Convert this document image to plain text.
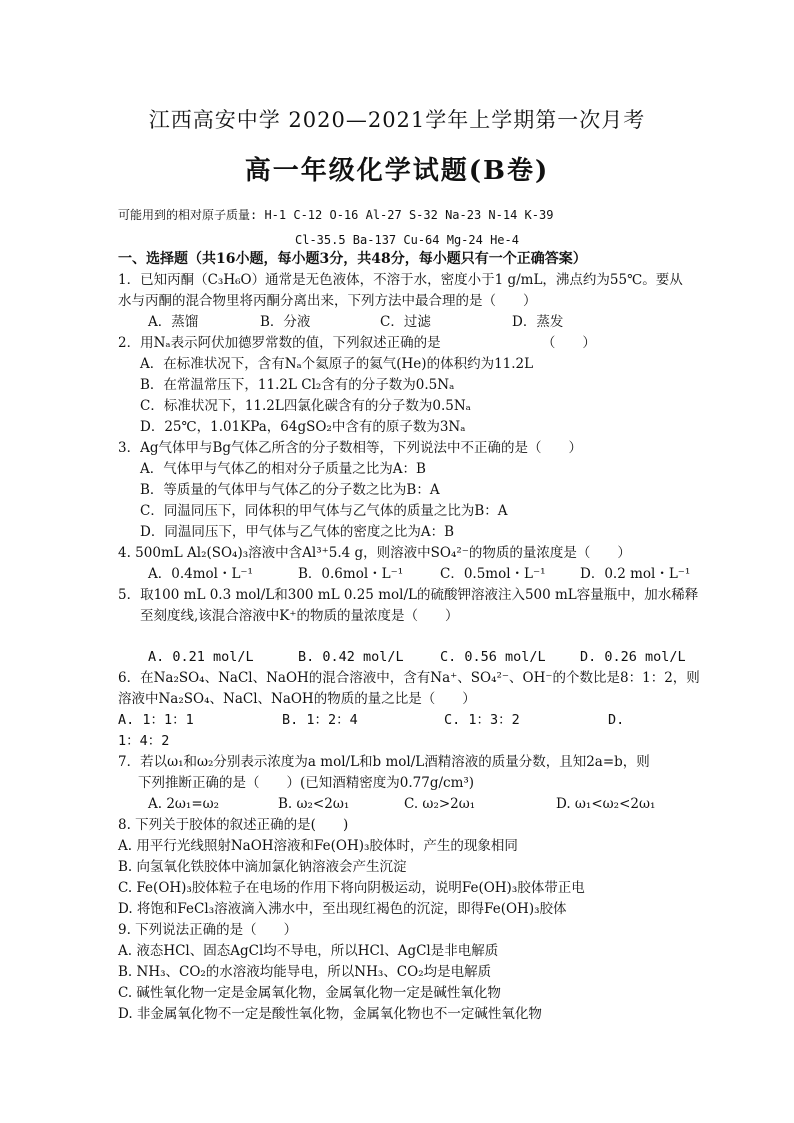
江西高安中学 2020—2021学年上学期第一次月考
高一年级化学试题(B卷)
可能用到的相对原子质量: H-1 C-12 O-16 Al-27 S-32 Na-23 N-14 K-39
Cl-35.5 Ba-137 Cu-64 Mg-24 He-4
一、选择题（共16小题，每小题3分，共48分，每小题只有一个正确答案）
1．已知丙酮（C₃H₆O）通常是无色液体，不溶于水，密度小于1 g/mL，沸点约为55℃。要从
水与丙酮的混合物里将丙酮分离出来，下列方法中最合理的是（　　）
A．蒸馏	B．分液	C．过滤	D．蒸发
2．用Nₐ表示阿伏加德罗常数的值，下列叙述正确的是　　　　　　　　（　　）
A．在标准状况下，含有Nₐ个氦原子的氦气(He)的体积约为11.2L
B．在常温常压下，11.2L Cl₂含有的分子数为0.5Nₐ
C．标准状况下，11.2L四氯化碳含有的分子数为0.5Nₐ
D．25℃，1.01KPa，64gSO₂中含有的原子数为3Nₐ
3．Ag气体甲与Bg气体乙所含的分子数相等，下列说法中不正确的是（　　）
A．气体甲与气体乙的相对分子质量之比为A：B
B．等质量的气体甲与气体乙的分子数之比为B：A
C．同温同压下，同体积的甲气体与乙气体的质量之比为B：A
D．同温同压下，甲气体与乙气体的密度之比为A：B
4. 500mL Al₂(SO₄)₃溶液中含Al³⁺5.4 g，则溶液中SO₄²⁻的物质的量浓度是（　　）
A．0.4mol・L⁻¹	B．0.6mol・L⁻¹	C．0.5mol・L⁻¹	D．0.2 mol・L⁻¹
5．取100 mL 0.3 mol/L和300 mL 0.25 mol/L的硫酸钾溶液注入500 mL容量瓶中，加水稀释
至刻度线,该混合溶液中K⁺的物质的量浓度是（　　）
A. 0.21 mol/L	B. 0.42 mol/L	C. 0.56 mol/L	D. 0.26 mol/L
6．在Na₂SO₄、NaCl、NaOH的混合溶液中，含有Na⁺、SO₄²⁻、OH⁻的个数比是8：1：2，则
溶液中Na₂SO₄、NaCl、NaOH的物质的量之比是（　　）
A. 1：1：1	B. 1：2：4	C. 1：3：2	D.
1：4：2
7．若以ω₁和ω₂分别表示浓度为a mol/L和b mol/L酒精溶液的质量分数，且知2a=b，则
下列推断正确的是（　　）(已知酒精密度为0.77g/cm³)
A. 2ω₁=ω₂	B. ω₂<2ω₁	C. ω₂>2ω₁	D. ω₁<ω₂<2ω₁
8. 下列关于胶体的叙述正确的是(　　)
A. 用平行光线照射NaOH溶液和Fe(OH)₃胶体时，产生的现象相同
B. 向氢氧化铁胶体中滴加氯化钠溶液会产生沉淀
C. Fe(OH)₃胶体粒子在电场的作用下将向阴极运动，说明Fe(OH)₃胶体带正电
D. 将饱和FeCl₃溶液滴入沸水中，至出现红褐色的沉淀，即得Fe(OH)₃胶体
9. 下列说法正确的是（　　）
A. 液态HCl、固态AgCl均不导电，所以HCl、AgCl是非电解质
B. NH₃、CO₂的水溶液均能导电，所以NH₃、CO₂均是电解质
C. 碱性氧化物一定是金属氧化物，金属氧化物一定是碱性氧化物
D. 非金属氧化物不一定是酸性氧化物，金属氧化物也不一定碱性氧化物
